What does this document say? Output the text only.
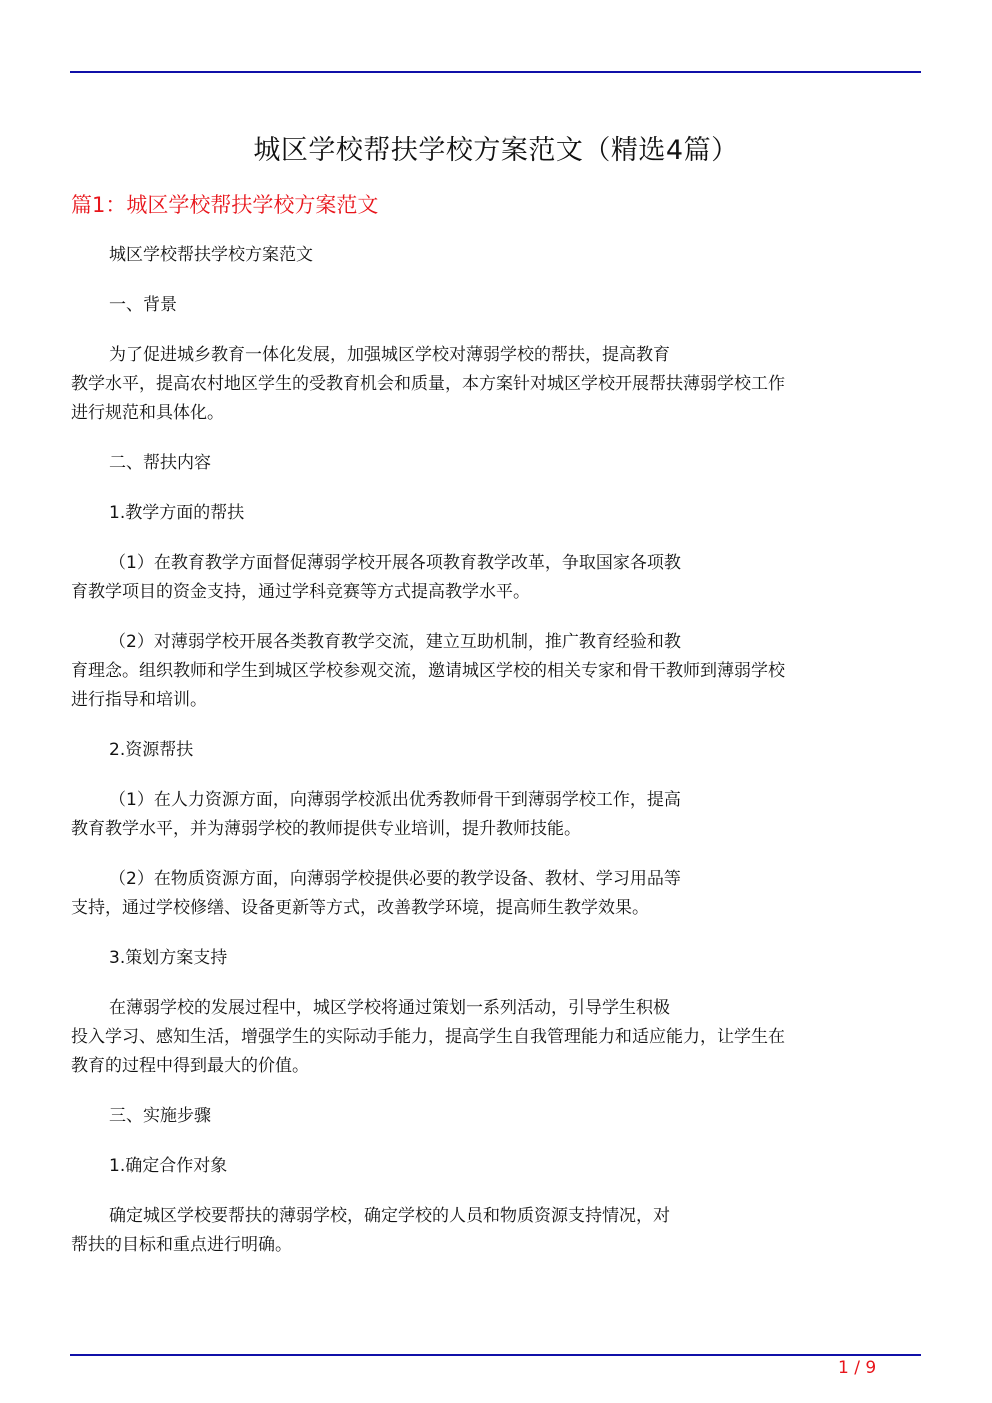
城区学校帮扶学校方案范文（精选4篇）
篇1：城区学校帮扶学校方案范文
城区学校帮扶学校方案范文
一、背景
为了促进城乡教育一体化发展，加强城区学校对薄弱学校的帮扶，提高教育
教学水平，提高农村地区学生的受教育机会和质量，本方案针对城区学校开展帮扶薄弱学校工作
进行规范和具体化。
二、帮扶内容
1.教学方面的帮扶
（1）在教育教学方面督促薄弱学校开展各项教育教学改革，争取国家各项教
育教学项目的资金支持，通过学科竞赛等方式提高教学水平。
（2）对薄弱学校开展各类教育教学交流，建立互助机制，推广教育经验和教
育理念。组织教师和学生到城区学校参观交流，邀请城区学校的相关专家和骨干教师到薄弱学校
进行指导和培训。
2.资源帮扶
（1）在人力资源方面，向薄弱学校派出优秀教师骨干到薄弱学校工作，提高
教育教学水平，并为薄弱学校的教师提供专业培训，提升教师技能。
（2）在物质资源方面，向薄弱学校提供必要的教学设备、教材、学习用品等
支持，通过学校修缮、设备更新等方式，改善教学环境，提高师生教学效果。
3.策划方案支持
在薄弱学校的发展过程中，城区学校将通过策划一系列活动，引导学生积极
投入学习、感知生活，增强学生的实际动手能力，提高学生自我管理能力和适应能力，让学生在
教育的过程中得到最大的价值。
三、实施步骤
1.确定合作对象
确定城区学校要帮扶的薄弱学校，确定学校的人员和物质资源支持情况，对
帮扶的目标和重点进行明确。
1 / 9
